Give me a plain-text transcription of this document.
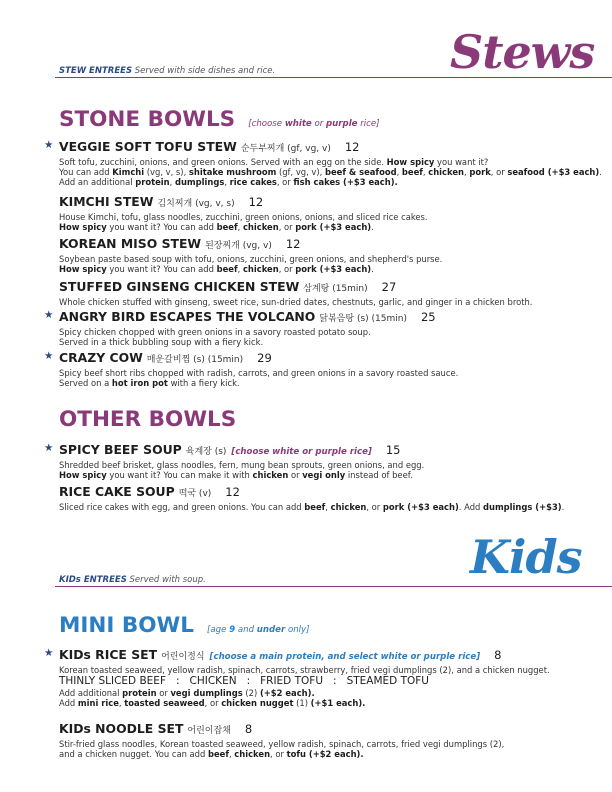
STEW ENTREES Served with side dishes and rice.	Stews
STONE BOWLS [choose white or purple rice]
★ VEGGIE SOFT TOFU STEW 순두부찌개 (gf, vg, v) 12
Soft tofu, zucchini, onions, and green onions. Served with an egg on the side. How spicy you want it?
You can add Kimchi (vg, v, s), shitake mushroom (gf, vg, v), beef & seafood, beef, chicken, pork, or seafood (+$3 each).
Add an additional protein, dumplings, rice cakes, or fish cakes (+$3 each).
KIMCHI STEW 김치찌개 (vg, v, s) 12
House Kimchi, tofu, glass noodles, zucchini, green onions, onions, and sliced rice cakes.
How spicy you want it? You can add beef, chicken, or pork (+$3 each).
KOREAN MISO STEW 된장찌개 (vg, v) 12
Soybean paste based soup with tofu, onions, zucchini, green onions, and shepherd's purse.
How spicy you want it? You can add beef, chicken, or pork (+$3 each).
STUFFED GINSENG CHICKEN STEW 삼계탕 (15min) 27
Whole chicken stuffed with ginseng, sweet rice, sun-dried dates, chestnuts, garlic, and ginger in a chicken broth.
★ ANGRY BIRD ESCAPES THE VOLCANO 닭볶음탕 (s) (15min) 25
Spicy chicken chopped with green onions in a savory roasted potato soup.
Served in a thick bubbling soup with a fiery kick.
★ CRAZY COW 매운갈비찜 (s) (15min) 29
Spicy beef short ribs chopped with radish, carrots, and green onions in a savory roasted sauce.
Served on a hot iron pot with a fiery kick.
OTHER BOWLS
★ SPICY BEEF SOUP 육계장 (s) [choose white or purple rice] 15
Shredded beef brisket, glass noodles, fern, mung bean sprouts, green onions, and egg.
How spicy you want it? You can make it with chicken or vegi only instead of beef.
RICE CAKE SOUP 떡국 (v) 12
Sliced rice cakes with egg, and green onions. You can add beef, chicken, or pork (+$3 each). Add dumplings (+$3).
KIDs ENTREES Served with soup.	Kids
MINI BOWL [age 9 and under only]
★ KIDs RICE SET 어린이정식 [choose a main protein, and select white or purple rice] 8
Korean toasted seaweed, yellow radish, spinach, carrots, strawberry, fried vegi dumplings (2), and a chicken nugget.
THINLY SLICED BEEF : CHICKEN : FRIED TOFU : STEAMED TOFU
Add additional protein or vegi dumplings (2) (+$2 each).
Add mini rice, toasted seaweed, or chicken nugget (1) (+$1 each).
KIDs NOODLE SET 어린이잡채 8
Stir-fried glass noodles, Korean toasted seaweed, yellow radish, spinach, carrots, fried vegi dumplings (2),
and a chicken nugget. You can add beef, chicken, or tofu (+$2 each).
